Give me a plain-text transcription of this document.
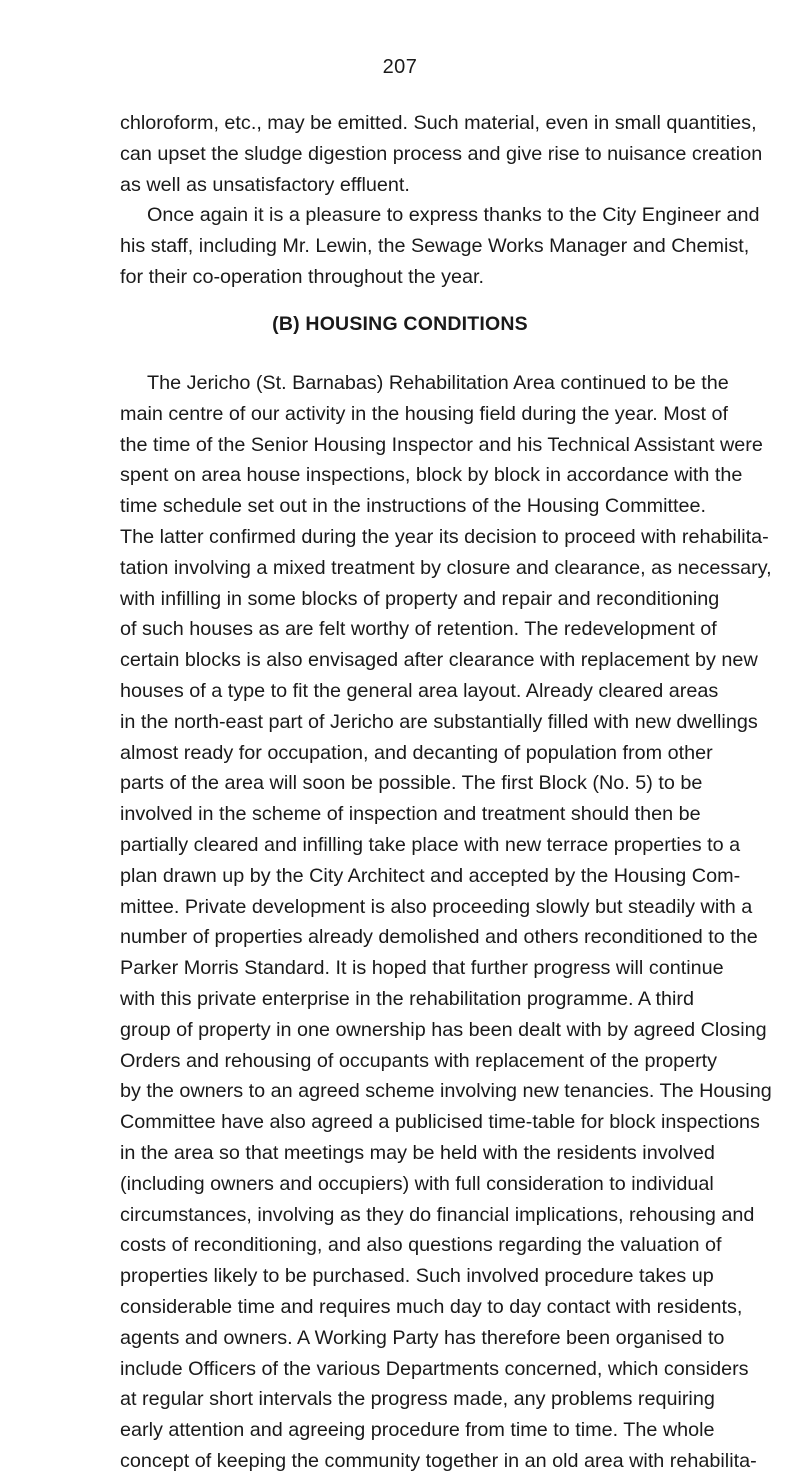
207
chloroform, etc., may be emitted. Such material, even in small quantities,
can upset the sludge digestion process and give rise to nuisance creation
as well as unsatisfactory effluent.
Once again it is a pleasure to express thanks to the City Engineer and
his staff, including Mr. Lewin, the Sewage Works Manager and Chemist,
for their co-operation throughout the year.
(B) HOUSING CONDITIONS
The Jericho (St. Barnabas) Rehabilitation Area continued to be the
main centre of our activity in the housing field during the year. Most of
the time of the Senior Housing Inspector and his Technical Assistant were
spent on area house inspections, block by block in accordance with the
time schedule set out in the instructions of the Housing Committee.
The latter confirmed during the year its decision to proceed with rehabilita-
tation involving a mixed treatment by closure and clearance, as necessary,
with infilling in some blocks of property and repair and reconditioning
of such houses as are felt worthy of retention. The redevelopment of
certain blocks is also envisaged after clearance with replacement by new
houses of a type to fit the general area layout. Already cleared areas
in the north-east part of Jericho are substantially filled with new dwellings
almost ready for occupation, and decanting of population from other
parts of the area will soon be possible. The first Block (No. 5) to be
involved in the scheme of inspection and treatment should then be
partially cleared and infilling take place with new terrace properties to a
plan drawn up by the City Architect and accepted by the Housing Com-
mittee. Private development is also proceeding slowly but steadily with a
number of properties already demolished and others reconditioned to the
Parker Morris Standard. It is hoped that further progress will continue
with this private enterprise in the rehabilitation programme. A third
group of property in one ownership has been dealt with by agreed Closing
Orders and rehousing of occupants with replacement of the property
by the owners to an agreed scheme involving new tenancies. The Housing
Committee have also agreed a publicised time-table for block inspections
in the area so that meetings may be held with the residents involved
(including owners and occupiers) with full consideration to individual
circumstances, involving as they do financial implications, rehousing and
costs of reconditioning, and also questions regarding the valuation of
properties likely to be purchased. Such involved procedure takes up
considerable time and requires much day to day contact with residents,
agents and owners. A Working Party has therefore been organised to
include Officers of the various Departments concerned, which considers
at regular short intervals the progress made, any problems requiring
early attention and agreeing procedure from time to time. The whole
concept of keeping the community together in an old area with rehabilita-
